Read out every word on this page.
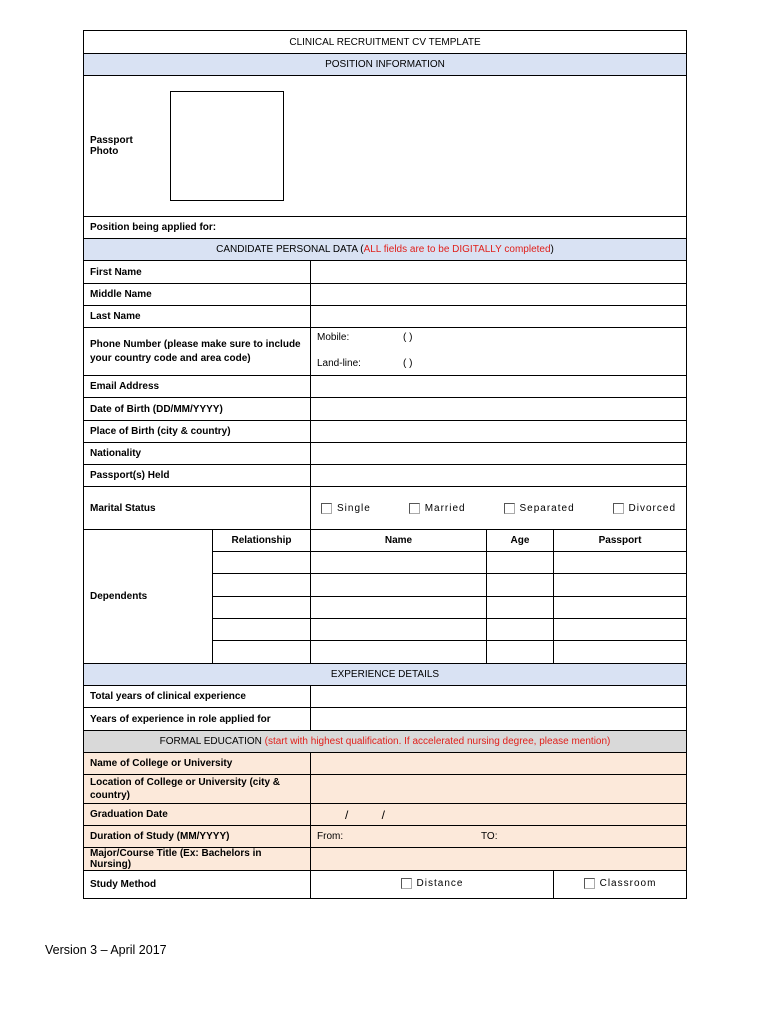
CLINICAL RECRUITMENT CV TEMPLATE				
POSITION INFORMATION				

Passport Photo				

Position being applied for:				
CANDIDATE PERSONAL DATA (ALL fields are to be DIGITALLY completed)				
First Name				
Middle Name				
Last Name				
Phone Number (please make sure to include your country code and area code)		Mobile: ( )
Land-line: ( )		

Email Address				
Date of Birth (DD/MM/YYYY)				
Place of Birth (city & country)				
Nationality				
Passport(s) Held				
Marital Status		Single Married Separated Divorced		

Dependents	Relationship	Name	Age	Passport

EXPERIENCE DETAILS				
Total years of clinical experience				
Years of experience in role applied for				
FORMAL EDUCATION (start with highest qualification. If accelerated nursing degree, please mention)				
Name of College or University				
Location of College or University (city & country)				
Graduation Date		/          /		
Duration of Study (MM/YYYY)		From: TO:		

Major/Course Title (Ex: Bachelors in Nursing)				
Study Method		Distance		Classroom
Version 3 – April 2017
